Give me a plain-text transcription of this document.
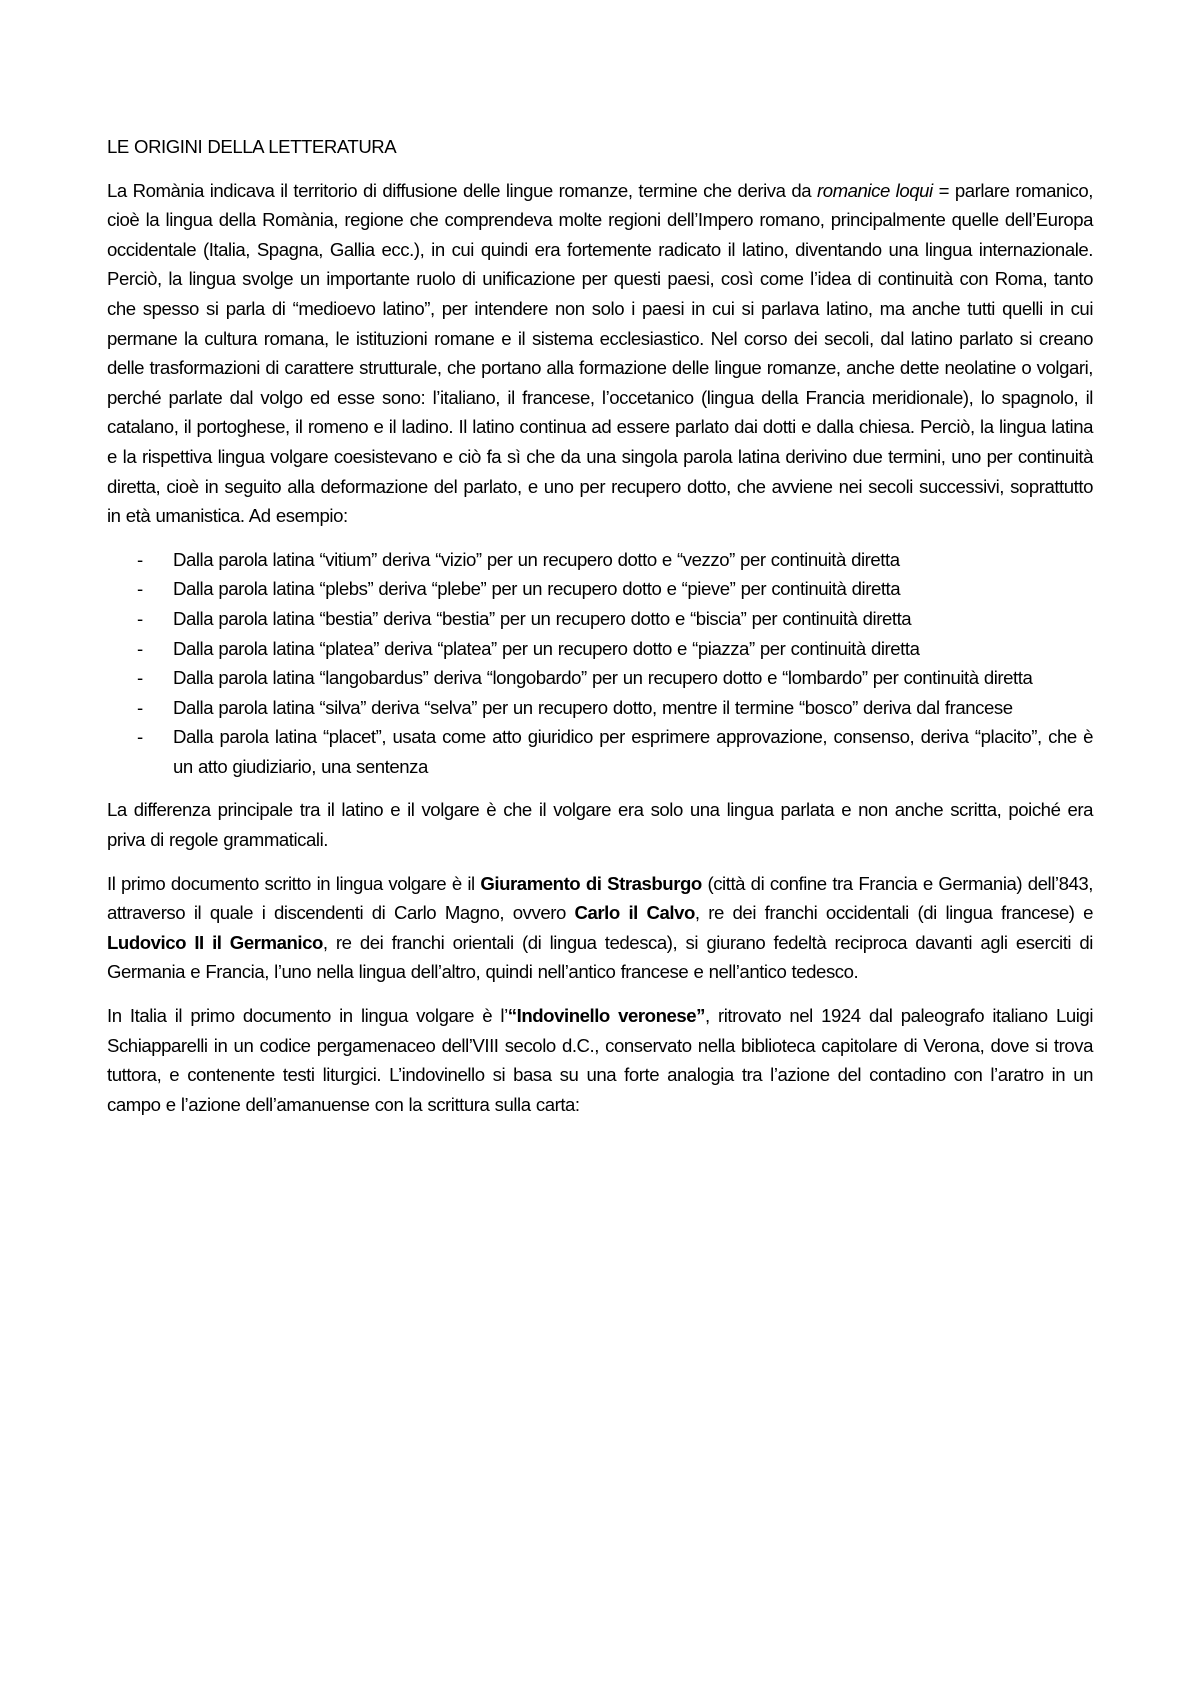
LE ORIGINI DELLA LETTERATURA

La Romània indicava il territorio di diffusione delle lingue romanze, termine che deriva da romanice loqui = parlare romanico, cioè la lingua della Romània, regione che comprendeva molte regioni dell’Impero romano, principalmente quelle dell’Europa occidentale (Italia, Spagna, Gallia ecc.), in cui quindi era fortemente radicato il latino, diventando una lingua internazionale. Perciò, la lingua svolge un importante ruolo di unificazione per questi paesi, così come l’idea di continuità con Roma, tanto che spesso si parla di “medioevo latino”, per intendere non solo i paesi in cui si parlava latino, ma anche tutti quelli in cui permane la cultura romana, le istituzioni romane e il sistema ecclesiastico. Nel corso dei secoli, dal latino parlato si creano delle trasformazioni di carattere strutturale, che portano alla formazione delle lingue romanze, anche dette neolatine o volgari, perché parlate dal volgo ed esse sono: l’italiano, il francese, l’occetanico (lingua della Francia meridionale), lo spagnolo, il catalano, il portoghese, il romeno e il ladino. Il latino continua ad essere parlato dai dotti e dalla chiesa. Perciò, la lingua latina e la rispettiva lingua volgare coesistevano e ciò fa sì che da una singola parola latina derivino due termini, uno per continuità diretta, cioè in seguito alla deformazione del parlato, e uno per recupero dotto, che avviene nei secoli successivi, soprattutto in età umanistica. Ad esempio:

- Dalla parola latina “vitium” deriva “vizio” per un recupero dotto e “vezzo” per continuità diretta
- Dalla parola latina “plebs” deriva “plebe” per un recupero dotto e “pieve” per continuità diretta
- Dalla parola latina “bestia” deriva “bestia” per un recupero dotto e “biscia” per continuità diretta
- Dalla parola latina “platea” deriva “platea” per un recupero dotto e “piazza” per continuità diretta
- Dalla parola latina “langobardus” deriva “longobardo” per un recupero dotto e “lombardo” per continuità diretta
- Dalla parola latina “silva” deriva “selva” per un recupero dotto, mentre il termine “bosco” deriva dal francese
- Dalla parola latina “placet”, usata come atto giuridico per esprimere approvazione, consenso, deriva “placito”, che è un atto giudiziario, una sentenza

La differenza principale tra il latino e il volgare è che il volgare era solo una lingua parlata e non anche scritta, poiché era priva di regole grammaticali.

Il primo documento scritto in lingua volgare è il Giuramento di Strasburgo (città di confine tra Francia e Germania) dell’843, attraverso il quale i discendenti di Carlo Magno, ovvero Carlo il Calvo, re dei franchi occidentali (di lingua francese) e Ludovico II il Germanico, re dei franchi orientali (di lingua tedesca), si giurano fedeltà reciproca davanti agli eserciti di Germania e Francia, l’uno nella lingua dell’altro, quindi nell’antico francese e nell’antico tedesco.

In Italia il primo documento in lingua volgare è l’“Indovinello veronese”, ritrovato nel 1924 dal paleografo italiano Luigi Schiapparelli in un codice pergamenaceo dell’VIII secolo d.C., conservato nella biblioteca capitolare di Verona, dove si trova tuttora, e contenente testi liturgici. L’indovinello si basa su una forte analogia tra l’azione del contadino con l’aratro in un campo e l’azione dell’amanuense con la scrittura sulla carta:
